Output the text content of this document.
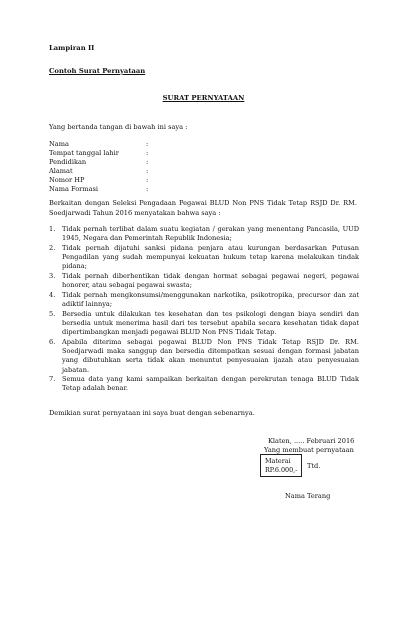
Lampiran II
Contoh Surat Pernyataan
SURAT PERNYATAAN
Yang bertanda tangan di bawah ini saya :
Nama	:
Tempat tanggal lahir	:
Pendidikan	:
Alamat	:
Nomor HP	:
Nama Formasi	:
Berkaitan dengan Seleksi Pengadaan Pegawai BLUD Non PNS Tidak Tetap RSJD Dr. RM. Soedjarwadi Tahun 2016 menyatakan bahwa saya :
1. Tidak pernah terlibat dalam suatu kegiatan / gerakan yang menentang Pancasila, UUD 1945, Negara dan Pemerintah Republik Indonesia;
2. Tidak pernah dijatuhi sanksi pidana penjara atau kurungan berdasarkan Putusan Pengadilan yang sudah mempunyai kekuatan hukum tetap karena melakukan tindak pidana;
3. Tidak pernah diberhentikan tidak dengan hormat sebagai pegawai negeri, pegawai honorer, atau sebagai pegawai swasta;
4. Tidak pernah mengkonsumsi/menggunakan narkotika, psikotropika, precursor dan zat adiktif lainnya;
5. Bersedia untuk dilakukan tes kesehatan dan tes psikologi dengan biaya sendiri dan bersedia untuk menerima hasil dari tes tersebut apabila secara kesehatan tidak dapat dipertimbangkan menjadi pegawai BLUD Non PNS Tidak Tetap.
6. Apabila diterima sebagai pegawai BLUD Non PNS Tidak Tetap RSJD Dr. RM. Soedjarwadi maka sanggup dan bersedia ditempatkan sesuai dengan formasi jabatan yang dibutuhkan serta tidak akan menuntut penyesuaian ijazah atau penyesuaian jabatan.
7. Semua data yang kami sampaikan berkaitan dengan perekrutan tenaga BLUD Tidak Tetap adalah benar.
Demikian surat pernyataan ini saya buat dengan sebenarnya.
Klaten, ..... Februari 2016
Yang membuat pernyataan
Materai
RP.6.000,-	Ttd.
Nama Terang
